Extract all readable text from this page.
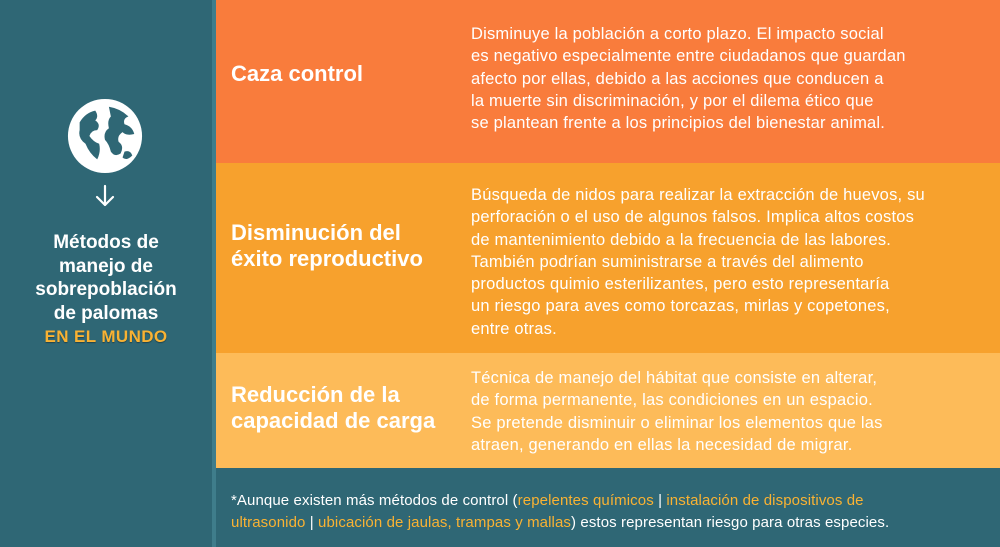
Métodos de
manejo de
sobrepoblación
de palomas
EN EL MUNDO
Caza control
Disminuye la población a corto plazo. El impacto social
es negativo especialmente entre ciudadanos que guardan
afecto por ellas, debido a las acciones que conducen a
la muerte sin discriminación, y por el dilema ético que
se plantean frente a los principios del bienestar animal.
Disminución del
éxito reproductivo
Búsqueda de nidos para realizar la extracción de huevos, su
perforación o el uso de algunos falsos. Implica altos costos
de mantenimiento debido a la frecuencia de las labores.
También podrían suministrarse a través del alimento
productos quimio esterilizantes, pero esto representaría
un riesgo para aves como torcazas, mirlas y copetones,
entre otras.
Reducción de la
capacidad de carga
Técnica de manejo del hábitat que consiste en alterar,
de forma permanente, las condiciones en un espacio.
Se pretende disminuir o eliminar los elementos que las
atraen, generando en ellas la necesidad de migrar.
*Aunque existen más métodos de control (repelentes químicos | instalación de dispositivos de
ultrasonido | ubicación de jaulas, trampas y mallas) estos representan riesgo para otras especies.
